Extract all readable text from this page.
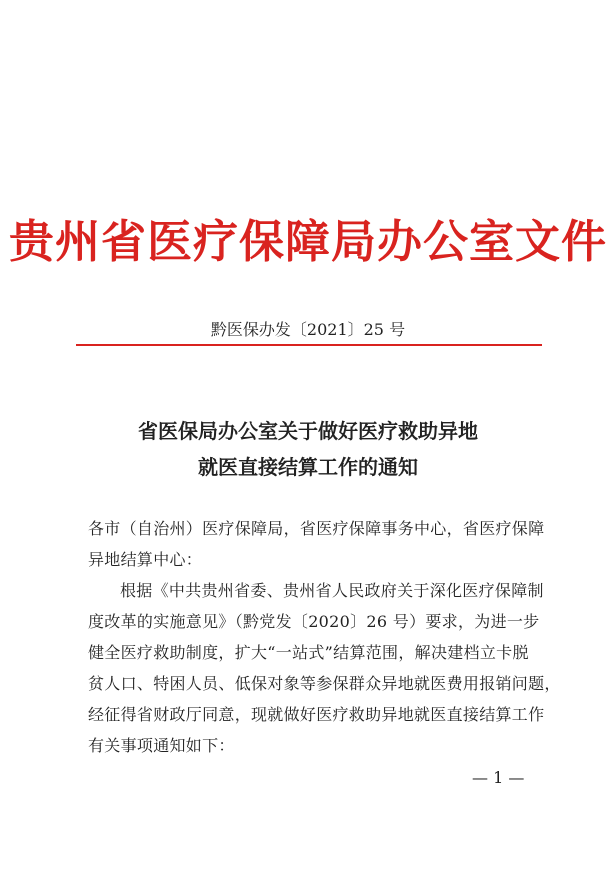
贵州省医疗保障局办公室文件
黔医保办发〔2021〕25 号
省医保局办公室关于做好医疗救助异地
就医直接结算工作的通知
各市（自治州）医疗保障局，省医疗保障事务中心，省医疗保障
异地结算中心：
根据《中共贵州省委、贵州省人民政府关于深化医疗保障制
度改革的实施意见》（黔党发〔2020〕26 号）要求，为进一步
健全医疗救助制度，扩大“一站式”结算范围，解决建档立卡脱
贫人口、特困人员、低保对象等参保群众异地就医费用报销问题，
经征得省财政厅同意，现就做好医疗救助异地就医直接结算工作
有关事项通知如下：
— 1 —
